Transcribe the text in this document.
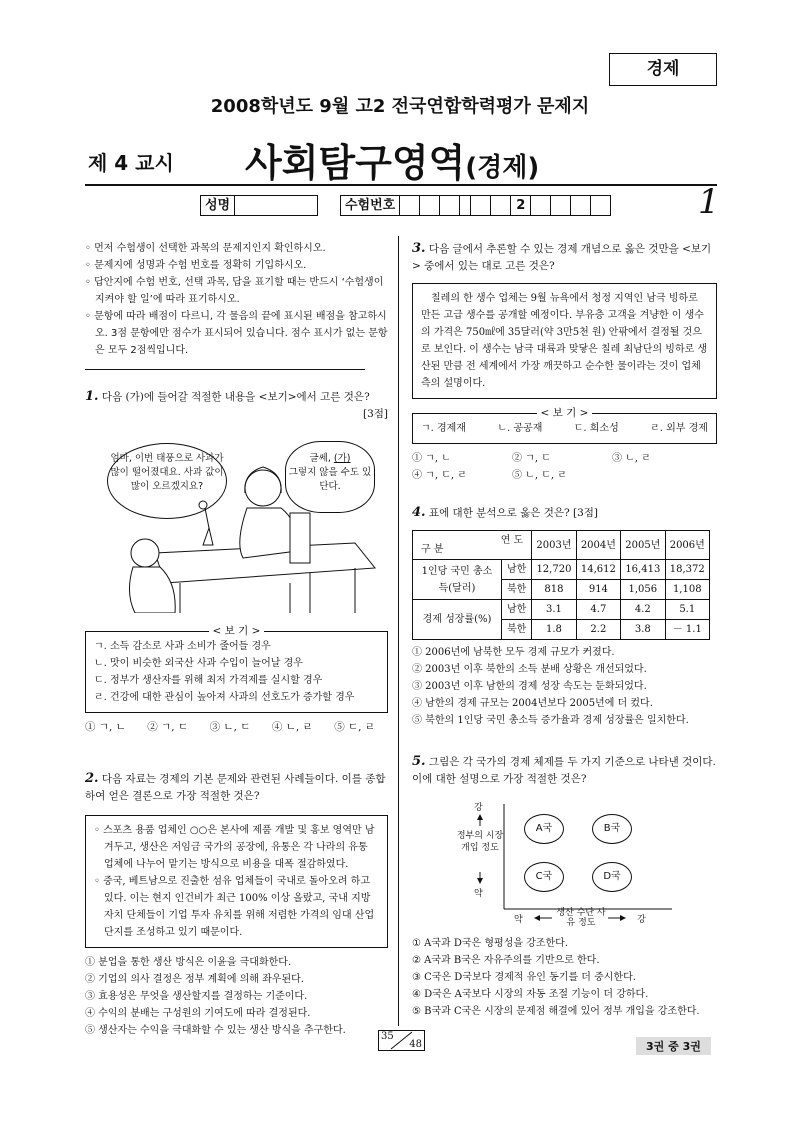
경제
2008학년도 9월 고2 전국연합학력평가 문제지
제 4 교시 사회탐구영역(경제)
성명	수험번호	2	1

◦ 먼저 수험생이 선택한 과목의 문제지인지 확인하시오.

◦ 문제지에 성명과 수험 번호를 정확히 기입하시오.

◦ 답안지에 수험 번호, 선택 과목, 답을 표기할 때는 반드시 ‘수험생이 지켜야 할 일’에 따라 표기하시오.

◦ 문항에 따라 배점이 다르니, 각 물음의 끝에 표시된 배점을 참고하시오. 3점 문항에만 점수가 표시되어 있습니다. 점수 표시가 없는 문항은 모두 2점씩입니다.

1. 다음 (가)에 들어갈 적절한 내용을 <보기>에서 고른 것은?

[3점]
엄마, 이번 태풍으로 사과가 많이 떨어졌대요. 사과 값이 많이 오르겠지요?
글쎄, (가)
그렇지 않을 수도 있단다.
< 보 기 >
ㄱ. 소득 감소로 사과 소비가 줄어들 경우
ㄴ. 맛이 비슷한 외국산 사과 수입이 늘어날 경우
ㄷ. 정부가 생산자를 위해 최저 가격제를 실시할 경우
ㄹ. 건강에 대한 관심이 높아져 사과의 선호도가 증가할 경우
① ㄱ, ㄴ ② ㄱ, ㄷ ③ ㄴ, ㄷ ④ ㄴ, ㄹ ⑤ ㄷ, ㄹ

2. 다음 자료는 경제의 기본 문제와 관련된 사례들이다. 이를 종합하여 얻은 결론으로 가장 적절한 것은?

◦ 스포츠 용품 업체인 ○○은 본사에 제품 개발 및 홍보 영역만 남겨두고, 생산은 저임금 국가의 공장에, 유통은 각 나라의 유통 업체에 나누어 맡기는 방식으로 비용을 대폭 절감하였다.

◦ 중국, 베트남으로 진출한 섬유 업체들이 국내로 돌아오려 하고 있다. 이는 현지 인건비가 최근 100% 이상 올랐고, 국내 지방 자치 단체들이 기업 투자 유치를 위해 저렴한 가격의 임대 산업 단지를 조성하고 있기 때문이다.

① 분업을 통한 생산 방식은 이윤을 극대화한다.
② 기업의 의사 결정은 정부 계획에 의해 좌우된다.
③ 효용성은 무엇을 생산할지를 결정하는 기준이다.
④ 수익의 분배는 구성원의 기여도에 따라 결정된다.
⑤ 생산자는 수익을 극대화할 수 있는 생산 방식을 추구한다.

3. 다음 글에서 추론할 수 있는 경제 개념으로 옳은 것만을 <보기> 중에서 있는 대로 고른 것은?

칠레의 한 생수 업체는 9월 뉴욕에서 청정 지역인 남극 빙하로 만든 고급 생수를 공개할 예정이다. 부유층 고객을 겨냥한 이 생수의 가격은 750㎖에 35달러(약 3만5천 원) 안팎에서 결정될 것으로 보인다. 이 생수는 남극 대륙과 맞닿은 칠레 최남단의 빙하로 생산된 만큼 전 세계에서 가장 깨끗하고 순수한 물이라는 것이 업체 측의 설명이다.
< 보 기 >
ㄱ. 경제재	ㄴ. 공공재	ㄷ. 희소성	ㄹ. 외부 경제
① ㄱ, ㄴ	② ㄱ, ㄷ	③ ㄴ, ㄹ
④ ㄱ, ㄷ, ㄹ	⑤ ㄴ, ㄷ, ㄹ

4. 표에 대한 분석으로 옳은 것은? [3점]

연 도
구 분		2003년	2004년	2005년	2006년
1인당 국민 총소득(달러)	남한	12,720	14,612	16,413	18,372
	북한	818	914	1,056	1,108
경제 성장률(%)	남한	3.1	4.7	4.2	5.1
	북한	1.8	2.2	3.8	－ 1.1
① 2006년에 남북한 모두 경제 규모가 커졌다.
② 2003년 이후 북한의 소득 분배 상황은 개선되었다.
③ 2003년 이후 남한의 경제 성장 속도는 둔화되었다.
④ 남한의 경제 규모는 2004년보다 2005년에 더 컸다.
⑤ 북한의 1인당 국민 총소득 증가율과 경제 성장률은 일치한다.

5. 그림은 각 국가의 경제 체제를 두 가지 기준으로 나타낸 것이다. 이에 대한 설명으로 가장 적절한 것은?

강
정부의 시장 개입 정도
약
약
생산 수단 사유 정도	강
A국	B국
C국	D국
① A국과 D국은 형평성을 강조한다.
② A국과 B국은 자유주의를 기반으로 한다.
③ C국은 D국보다 경제적 유인 동기를 더 중시한다.
④ D국은 A국보다 시장의 자동 조절 기능이 더 강하다.
⑤ B국과 C국은 시장의 문제점 해결에 있어 정부 개입을 강조한다.
35
48	3권 중 3권
